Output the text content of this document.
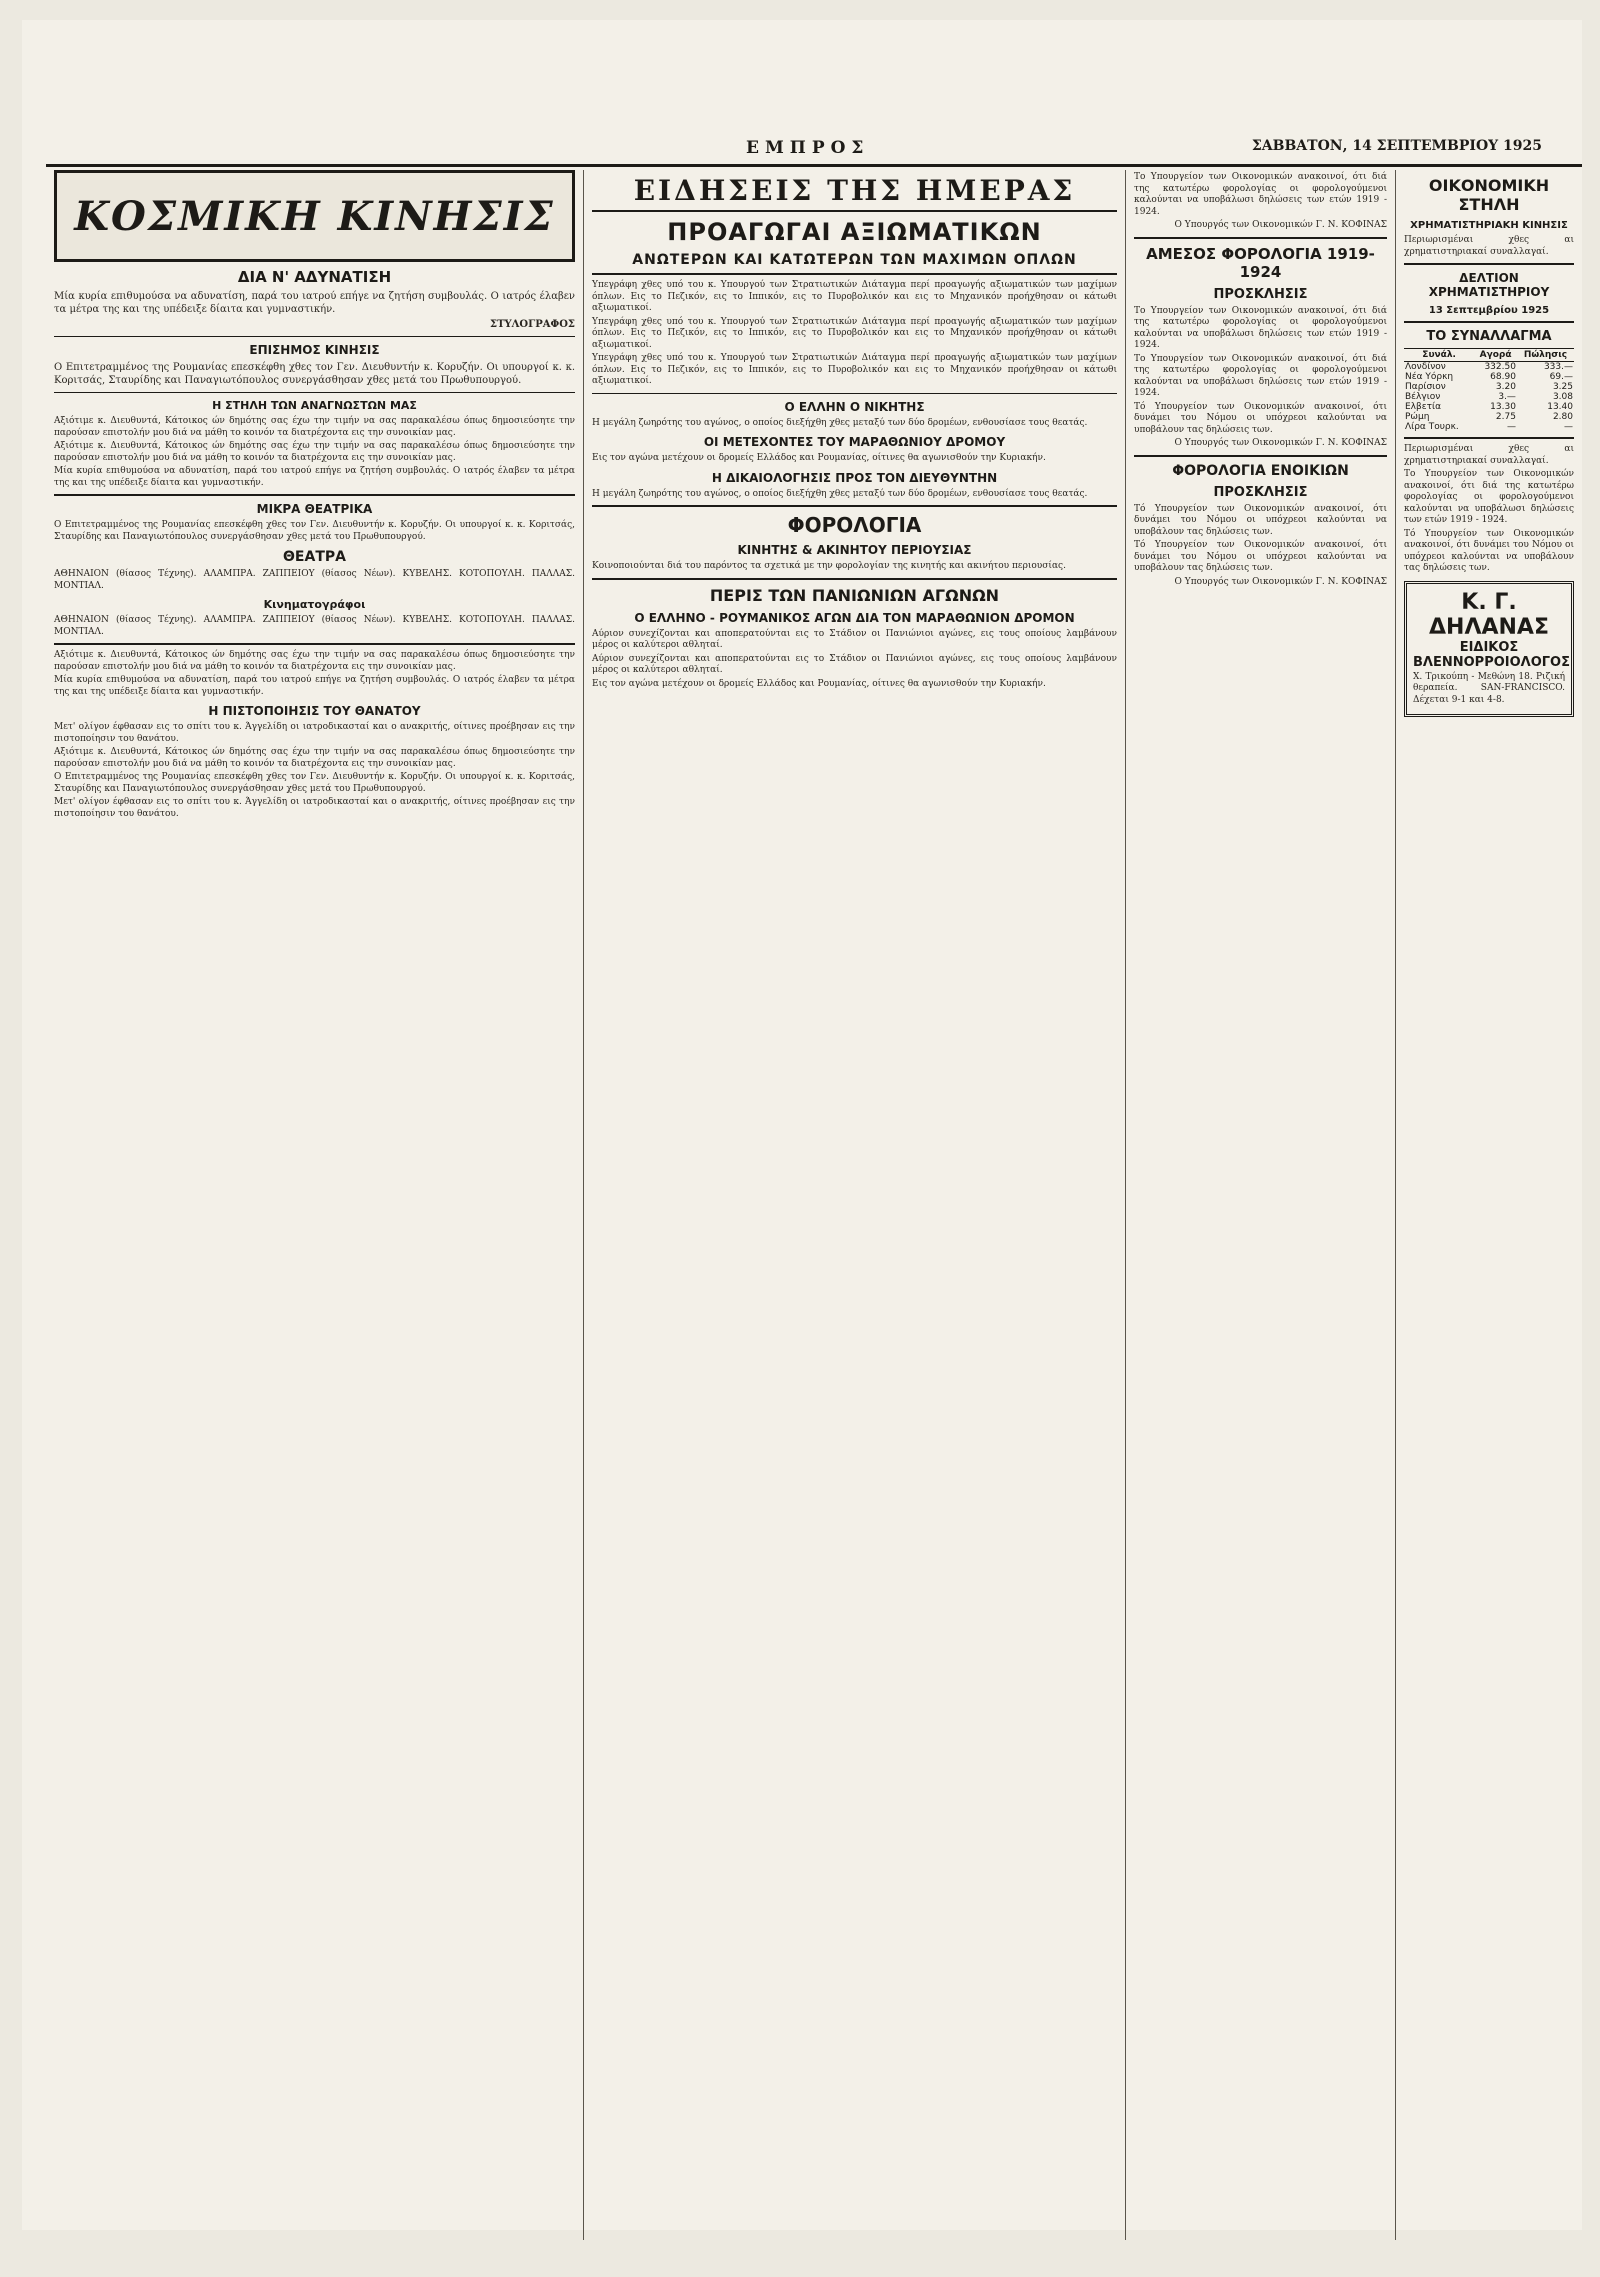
ΕΜΠΡΟΣ	ΣΑΒΒΑΤΟΝ, 14 ΣΕΠΤΕΜΒΡΙΟΥ 1925
ΚΟΣΜΙΚΗ ΚΙΝΗΣΙΣ
ΔΙΑ Ν' ΑΔΥΝΑΤΙΣΗ

Μία κυρία επιθυμούσα να αδυνατίση, παρά του ιατρού επήγε να ζητήση συμβουλάς. Ο ιατρός έλαβεν τα μέτρα της και της υπέδειξε δίαιτα και γυμναστικήν.

ΣΤΥΛΟΓΡΑΦΟΣ

ΕΠΙΣΗΜΟΣ ΚΙΝΗΣΙΣ

Ο Επιτετραμμένος της Ρουμανίας επεσκέφθη χθες τον Γεν. Διευθυντήν κ. Κορυζήν. Οι υπουργοί κ. κ. Κοριτσάς, Σταυρίδης και Παναγιωτόπουλος συνεργάσθησαν χθες μετά του Πρωθυπουργού.

Η ΣΤΗΛΗ ΤΩΝ ΑΝΑΓΝΩΣΤΩΝ ΜΑΣ

Αξιότιμε κ. Διευθυντά, Κάτοικος ών δημότης σας έχω την τιμήν να σας παρακαλέσω όπως δημοσιεύσητε την παρούσαν επιστολήν μου διά να μάθη το κοινόν τα διατρέχοντα εις την συνοικίαν μας.

Αξιότιμε κ. Διευθυντά, Κάτοικος ών δημότης σας έχω την τιμήν να σας παρακαλέσω όπως δημοσιεύσητε την παρούσαν επιστολήν μου διά να μάθη το κοινόν τα διατρέχοντα εις την συνοικίαν μας.

Μία κυρία επιθυμούσα να αδυνατίση, παρά του ιατρού επήγε να ζητήση συμβουλάς. Ο ιατρός έλαβεν τα μέτρα της και της υπέδειξε δίαιτα και γυμναστικήν.

ΜΙΚΡΑ ΘΕΑΤΡΙΚΑ

Ο Επιτετραμμένος της Ρουμανίας επεσκέφθη χθες τον Γεν. Διευθυντήν κ. Κορυζήν. Οι υπουργοί κ. κ. Κοριτσάς, Σταυρίδης και Παναγιωτόπουλος συνεργάσθησαν χθες μετά του Πρωθυπουργού.

ΘΕΑΤΡΑ

ΑΘΗΝΑΙΟΝ (θίασος Τέχνης). ΑΛΑΜΠΡΑ. ΖΑΠΠΕΙΟΥ (θίασος Νέων). ΚΥΒΕΛΗΣ. ΚΟΤΟΠΟΥΛΗ. ΠΑΛΛΑΣ. ΜΟΝΤΙΑΛ.

Κινηματογράφοι

ΑΘΗΝΑΙΟΝ (θίασος Τέχνης). ΑΛΑΜΠΡΑ. ΖΑΠΠΕΙΟΥ (θίασος Νέων). ΚΥΒΕΛΗΣ. ΚΟΤΟΠΟΥΛΗ. ΠΑΛΛΑΣ. ΜΟΝΤΙΑΛ.

Αξιότιμε κ. Διευθυντά, Κάτοικος ών δημότης σας έχω την τιμήν να σας παρακαλέσω όπως δημοσιεύσητε την παρούσαν επιστολήν μου διά να μάθη το κοινόν τα διατρέχοντα εις την συνοικίαν μας.

Μία κυρία επιθυμούσα να αδυνατίση, παρά του ιατρού επήγε να ζητήση συμβουλάς. Ο ιατρός έλαβεν τα μέτρα της και της υπέδειξε δίαιτα και γυμναστικήν.

Η ΠΙΣΤΟΠΟΙΗΣΙΣ ΤΟΥ ΘΑΝΑΤΟΥ

Μετ' ολίγον έφθασαν εις το σπίτι του κ. Άγγελίδη οι ιατροδικασταί και ο ανακριτής, οίτινες προέβησαν εις την πιστοποίησιν του θανάτου.

Αξιότιμε κ. Διευθυντά, Κάτοικος ών δημότης σας έχω την τιμήν να σας παρακαλέσω όπως δημοσιεύσητε την παρούσαν επιστολήν μου διά να μάθη το κοινόν τα διατρέχοντα εις την συνοικίαν μας.

Ο Επιτετραμμένος της Ρουμανίας επεσκέφθη χθες τον Γεν. Διευθυντήν κ. Κορυζήν. Οι υπουργοί κ. κ. Κοριτσάς, Σταυρίδης και Παναγιωτόπουλος συνεργάσθησαν χθες μετά του Πρωθυπουργού.

Μετ' ολίγον έφθασαν εις το σπίτι του κ. Άγγελίδη οι ιατροδικασταί και ο ανακριτής, οίτινες προέβησαν εις την πιστοποίησιν του θανάτου.

ΕΙΔΗΣΕΙΣ ΤΗΣ ΗΜΕΡΑΣ
ΠΡΟΑΓΩΓΑΙ ΑΞΙΩΜΑΤΙΚΩΝ
ΑΝΩΤΕΡΩΝ ΚΑΙ ΚΑΤΩΤΕΡΩΝ ΤΩΝ ΜΑΧΙΜΩΝ ΟΠΛΩΝ

Υπεγράφη χθες υπό του κ. Υπουργού των Στρατιωτικών Διάταγμα περί προαγωγής αξιωματικών των μαχίμων όπλων. Εις το Πεζικόν, εις το Ιππικόν, εις το Πυροβολικόν και εις το Μηχανικόν προήχθησαν οι κάτωθι αξιωματικοί.

Υπεγράφη χθες υπό του κ. Υπουργού των Στρατιωτικών Διάταγμα περί προαγωγής αξιωματικών των μαχίμων όπλων. Εις το Πεζικόν, εις το Ιππικόν, εις το Πυροβολικόν και εις το Μηχανικόν προήχθησαν οι κάτωθι αξιωματικοί.

Υπεγράφη χθες υπό του κ. Υπουργού των Στρατιωτικών Διάταγμα περί προαγωγής αξιωματικών των μαχίμων όπλων. Εις το Πεζικόν, εις το Ιππικόν, εις το Πυροβολικόν και εις το Μηχανικόν προήχθησαν οι κάτωθι αξιωματικοί.

Ο ΕΛΛΗΝ Ο ΝΙΚΗΤΗΣ

Η μεγάλη ζωηρότης του αγώνος, ο οποίος διεξήχθη χθες μεταξύ των δύο δρομέων, ενθουσίασε τους θεατάς.

ΟΙ ΜΕΤΕΧΟΝΤΕΣ ΤΟΥ ΜΑΡΑΘΩΝΙΟΥ ΔΡΟΜΟΥ

Εις τον αγώνα μετέχουν οι δρομείς Ελλάδος και Ρουμανίας, οίτινες θα αγωνισθούν την Κυριακήν.

Η ΔΙΚΑΙΟΛΟΓΗΣΙΣ ΠΡΟΣ ΤΟΝ ΔΙΕΥΘΥΝΤΗΝ

Η μεγάλη ζωηρότης του αγώνος, ο οποίος διεξήχθη χθες μεταξύ των δύο δρομέων, ενθουσίασε τους θεατάς.

ΦΟΡΟΛΟΓΙΑ
ΚΙΝΗΤΗΣ & ΑΚΙΝΗΤΟΥ ΠΕΡΙΟΥΣΙΑΣ

Κοινοποιούνται διά του παρόντος τα σχετικά με την φορολογίαν της κινητής και ακινήτου περιουσίας.

ΠΕΡΙΣ ΤΩΝ ΠΑΝΙΩΝΙΩΝ ΑΓΩΝΩΝ
Ο ΕΛΛΗΝΟ - ΡΟΥΜΑΝΙΚΟΣ ΑΓΩΝ ΔΙΑ ΤΟΝ ΜΑΡΑΘΩΝΙΟΝ ΔΡΟΜΟΝ

Αύριον συνεχίζονται και αποπερατούνται εις το Στάδιον οι Πανιώνιοι αγώνες, εις τους οποίους λαμβάνουν μέρος οι καλύτεροι αθληταί.

Αύριον συνεχίζονται και αποπερατούνται εις το Στάδιον οι Πανιώνιοι αγώνες, εις τους οποίους λαμβάνουν μέρος οι καλύτεροι αθληταί.

Εις τον αγώνα μετέχουν οι δρομείς Ελλάδος και Ρουμανίας, οίτινες θα αγωνισθούν την Κυριακήν.

Το Υπουργείον των Οικονομικών ανακοινοί, ότι διά της κατωτέρω φορολογίας οι φορολογούμενοι καλούνται να υποβάλωσι δηλώσεις των ετών 1919 - 1924.

Ο Υπουργός των Οικονομικών Γ. Ν. ΚΟΦΙΝΑΣ

ΑΜΕΣΟΣ ΦΟΡΟΛΟΓΙΑ 1919-1924
ΠΡΟΣΚΛΗΣΙΣ

Το Υπουργείον των Οικονομικών ανακοινοί, ότι διά της κατωτέρω φορολογίας οι φορολογούμενοι καλούνται να υποβάλωσι δηλώσεις των ετών 1919 - 1924.

Το Υπουργείον των Οικονομικών ανακοινοί, ότι διά της κατωτέρω φορολογίας οι φορολογούμενοι καλούνται να υποβάλωσι δηλώσεις των ετών 1919 - 1924.

Τό Υπουργείον των Οικονομικών ανακοινοί, ότι δυνάμει του Νόμου οι υπόχρεοι καλούνται να υποβάλουν τας δηλώσεις των.

Ο Υπουργός των Οικονομικών Γ. Ν. ΚΟΦΙΝΑΣ

ΦΟΡΟΛΟΓΙΑ ΕΝΟΙΚΙΩΝ
ΠΡΟΣΚΛΗΣΙΣ

Τό Υπουργείον των Οικονομικών ανακοινοί, ότι δυνάμει του Νόμου οι υπόχρεοι καλούνται να υποβάλουν τας δηλώσεις των.

Τό Υπουργείον των Οικονομικών ανακοινοί, ότι δυνάμει του Νόμου οι υπόχρεοι καλούνται να υποβάλουν τας δηλώσεις των.

Ο Υπουργός των Οικονομικών Γ. Ν. ΚΟΦΙΝΑΣ

ΟΙΚΟΝΟΜΙΚΗ ΣΤΗΛΗ
ΧΡΗΜΑΤΙΣΤΗΡΙΑΚΗ ΚΙΝΗΣΙΣ

Περιωρισμέναι χθες αι χρηματιστηριακαί συναλλαγαί.

ΔΕΛΤΙΟΝ ΧΡΗΜΑΤΙΣΤΗΡΙΟΥ
13 Σεπτεμβρίου 1925
ΤΟ ΣΥΝΑΛΛΑΓΜΑ
Συνάλ.	Αγορά	Πώλησις
Λονδίνον	332.50	333.—
Νέα Υόρκη	68.90	69.—
Παρίσιον	3.20	3.25
Βέλγιον	3.—	3.08
Ελβετία	13.30	13.40
Ρώμη	2.75	2.80
Λίρα Τουρκ.	—	—

Περιωρισμέναι χθες αι χρηματιστηριακαί συναλλαγαί.

Το Υπουργείον των Οικονομικών ανακοινοί, ότι διά της κατωτέρω φορολογίας οι φορολογούμενοι καλούνται να υποβάλωσι δηλώσεις των ετών 1919 - 1924.

Τό Υπουργείον των Οικονομικών ανακοινοί, ότι δυνάμει του Νόμου οι υπόχρεοι καλούνται να υποβάλουν τας δηλώσεις των.

Κ. Γ. ΔΗΛΑΝΑΣ
ΕΙΔΙΚΟΣ ΒΛΕΝΝΟΡΡΟΙΟΛΟΓΟΣ

Χ. Τρικούπη - Μεθώνη 18. Ριζική θεραπεία. SAN-FRANCISCO. Δέχεται 9-1 και 4-8.
